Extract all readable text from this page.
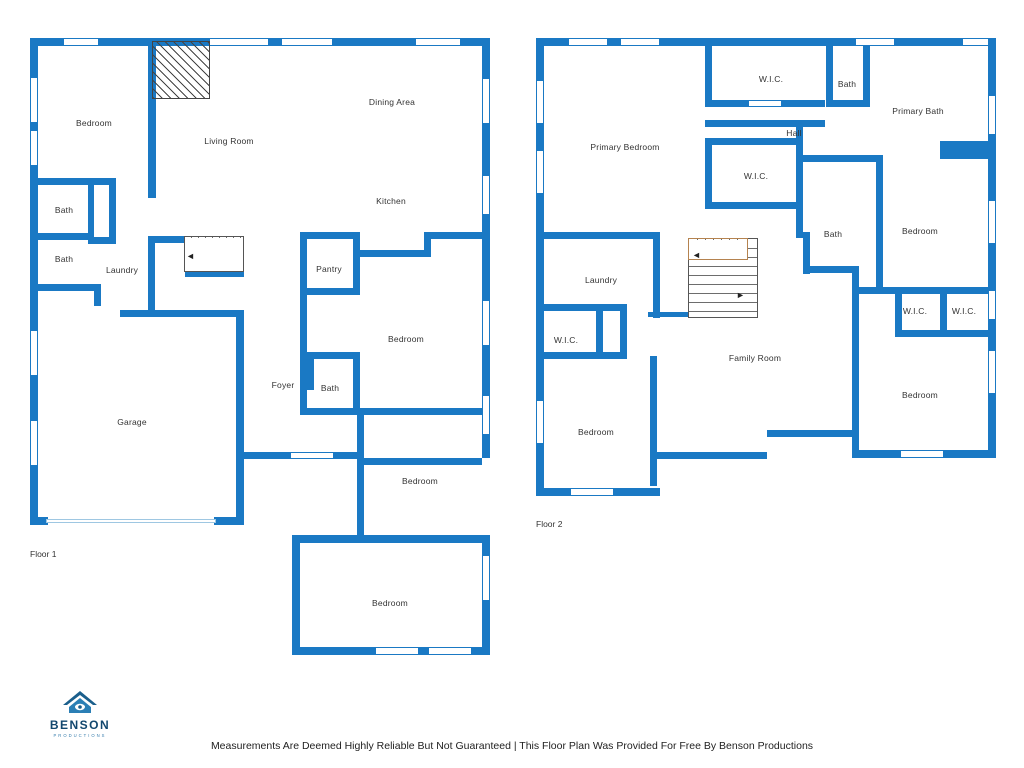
◄
Bedroom
Living Room
Dining Area
Kitchen
Bath
Bath
Laundry	Pantry
Bedroom
Foyer	Bath
Garage
Bedroom
Bedroom
Floor 1
◄
►
W.I.C.	Bath
Primary Bath
Primary Bedroom
Hall
W.I.C.
Bath	Bedroom
Laundry
W.I.C.
W.I.C.	W.I.C.
Family Room
Bedroom
Bedroom
Floor 2
BENSON
PRODUCTIONS
Measurements Are Deemed Highly Reliable But Not Guaranteed | This Floor Plan Was Provided For Free By Benson Productions
